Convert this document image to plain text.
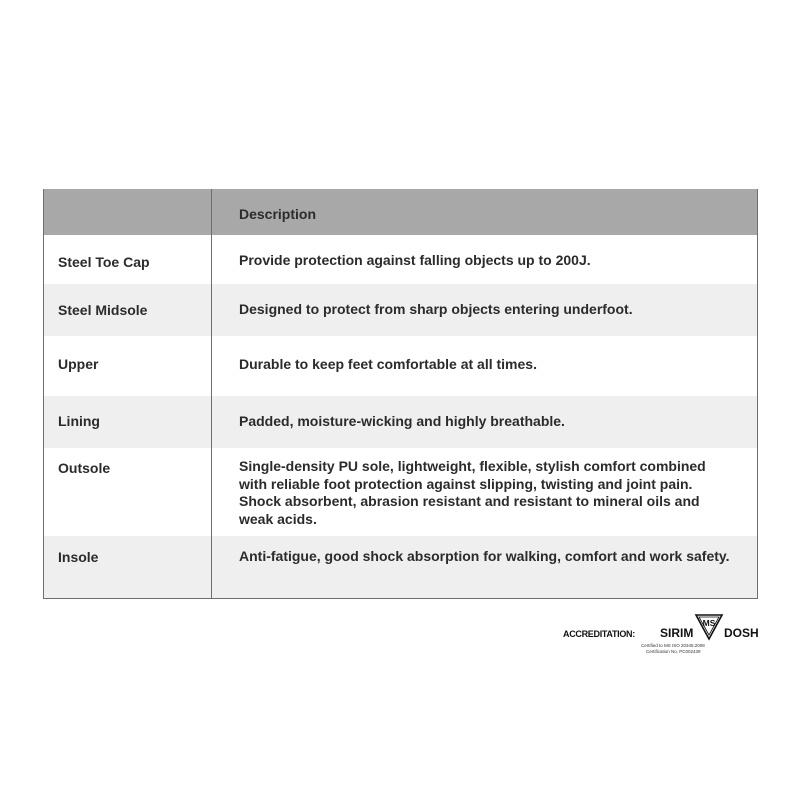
Description
Steel Toe Cap	Provide protection against falling objects up to 200J.
Steel Midsole	Designed to protect from sharp objects entering underfoot.
Upper	Durable to keep feet comfortable at all times.
Lining	Padded, moisture-wicking and highly breathable.
Outsole	Single-density PU sole, lightweight, flexible, stylish comfort combined with reliable foot protection against slipping, twisting and joint pain. Shock absorbent, abrasion resistant and resistant to mineral oils and weak acids.
Insole	Anti-fatigue, good shock absorption for walking, comfort and work safety.
ACCREDITATION: SIRIM
MS
DOSH
Certified to MS ISO 20345:2008
Certification No. PC002439
